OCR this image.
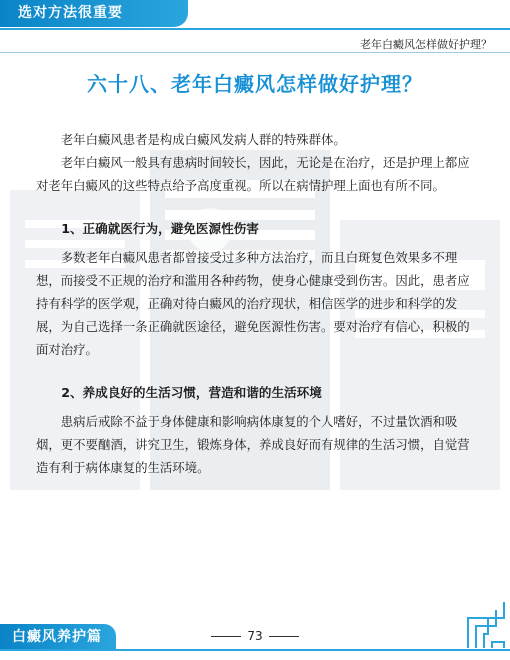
选对方法很重要
老年白癜风怎样做好护理？
六十八、老年白癜风怎样做好护理？

老年白癜风患者是构成白癜风发病人群的特殊群体。

老年白癜风一般具有患病时间较长，因此，无论是在治疗，还是护理上都应对老年白癜风的这些特点给予高度重视。所以在病情护理上面也有所不同。

1、正确就医行为，避免医源性伤害

多数老年白癜风患者都曾接受过多种方法治疗，而且白斑复色效果多不理想，而接受不正规的治疗和滥用各种药物，使身心健康受到伤害。因此，患者应持有科学的医学观，正确对待白癜风的治疗现状，相信医学的进步和科学的发展，为自己选择一条正确就医途径，避免医源性伤害。要对治疗有信心，积极的面对治疗。

2、养成良好的生活习惯，营造和谐的生活环境

患病后戒除不益于身体健康和影响病体康复的个人嗜好，不过量饮酒和吸烟，更不要酗酒，讲究卫生，锻炼身体，养成良好而有规律的生活习惯，自觉营造有利于病体康复的生活环境。

白癜风养护篇	73
